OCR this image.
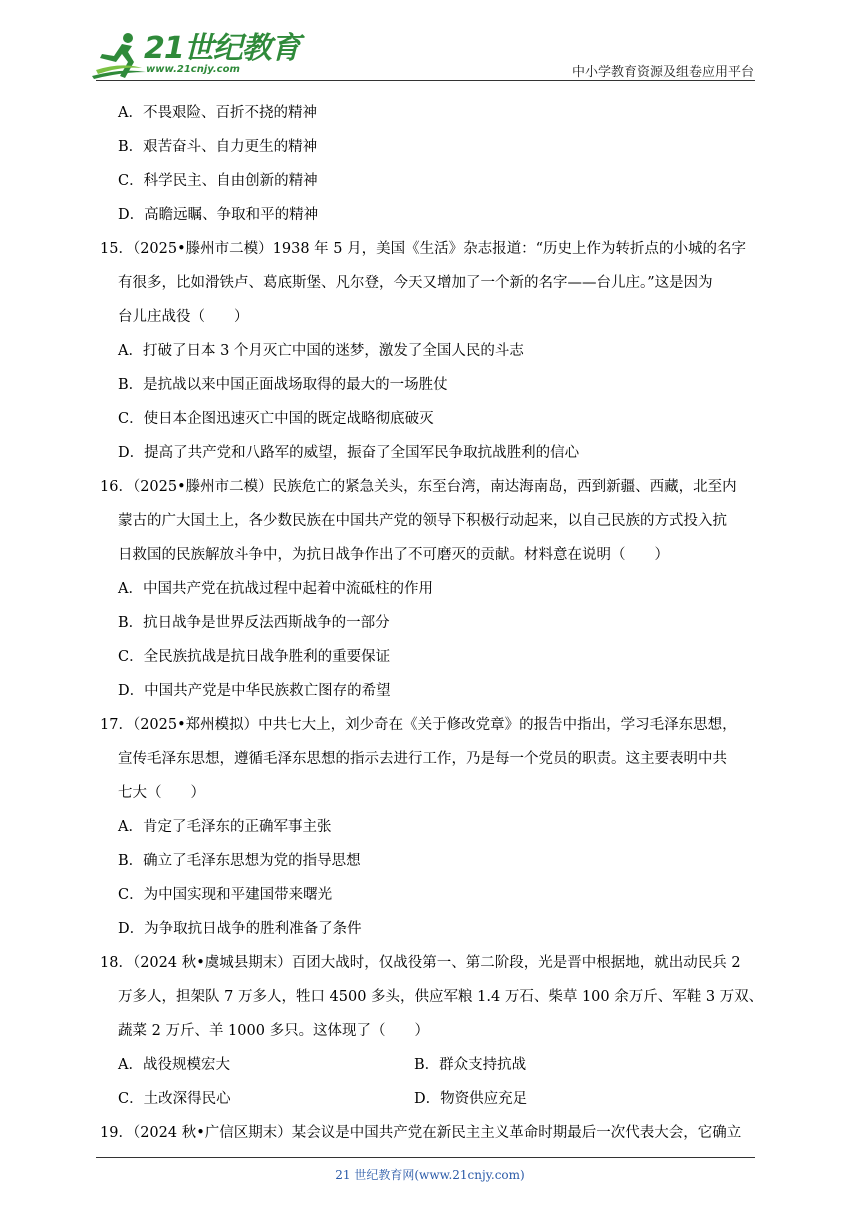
21世纪教育
www.21cnjy.com	中小学教育资源及组卷应用平台
A．不畏艰险、百折不挠的精神
B．艰苦奋斗、自力更生的精神
C．科学民主、自由创新的精神
D．高瞻远瞩、争取和平的精神
15．（2025•滕州市二模）1938 年 5 月，美国《生活》杂志报道：“历史上作为转折点的小城的名字
有很多，比如滑铁卢、葛底斯堡、凡尔登，今天又增加了一个新的名字——台儿庄。”这是因为
台儿庄战役（　　）
A．打破了日本 3 个月灭亡中国的迷梦，激发了全国人民的斗志
B．是抗战以来中国正面战场取得的最大的一场胜仗
C．使日本企图迅速灭亡中国的既定战略彻底破灭
D．提高了共产党和八路军的威望，振奋了全国军民争取抗战胜利的信心
16．（2025•滕州市二模）民族危亡的紧急关头，东至台湾，南达海南岛，西到新疆、西藏，北至内
蒙古的广大国土上，各少数民族在中国共产党的领导下积极行动起来，以自己民族的方式投入抗
日救国的民族解放斗争中，为抗日战争作出了不可磨灭的贡献。材料意在说明（　　）
A．中国共产党在抗战过程中起着中流砥柱的作用
B．抗日战争是世界反法西斯战争的一部分
C．全民族抗战是抗日战争胜利的重要保证
D．中国共产党是中华民族救亡图存的希望
17．（2025•郑州模拟）中共七大上，刘少奇在《关于修改党章》的报告中指出，学习毛泽东思想，
宣传毛泽东思想，遵循毛泽东思想的指示去进行工作，乃是每一个党员的职责。这主要表明中共
七大（　　）
A．肯定了毛泽东的正确军事主张
B．确立了毛泽东思想为党的指导思想
C．为中国实现和平建国带来曙光
D．为争取抗日战争的胜利准备了条件
18．（2024 秋•虞城县期末）百团大战时，仅战役第一、第二阶段，光是晋中根据地，就出动民兵 2
万多人，担架队 7 万多人，牲口 4500 多头，供应军粮 1.4 万石、柴草 100 余万斤、军鞋 3 万双、
蔬菜 2 万斤、羊 1000 多只。这体现了（　　）
A．战役规模宏大	B．群众支持抗战
C．土改深得民心	D．物资供应充足
19．（2024 秋•广信区期末）某会议是中国共产党在新民主主义革命时期最后一次代表大会，它确立
21 世纪教育网(www.21cnjy.com)
